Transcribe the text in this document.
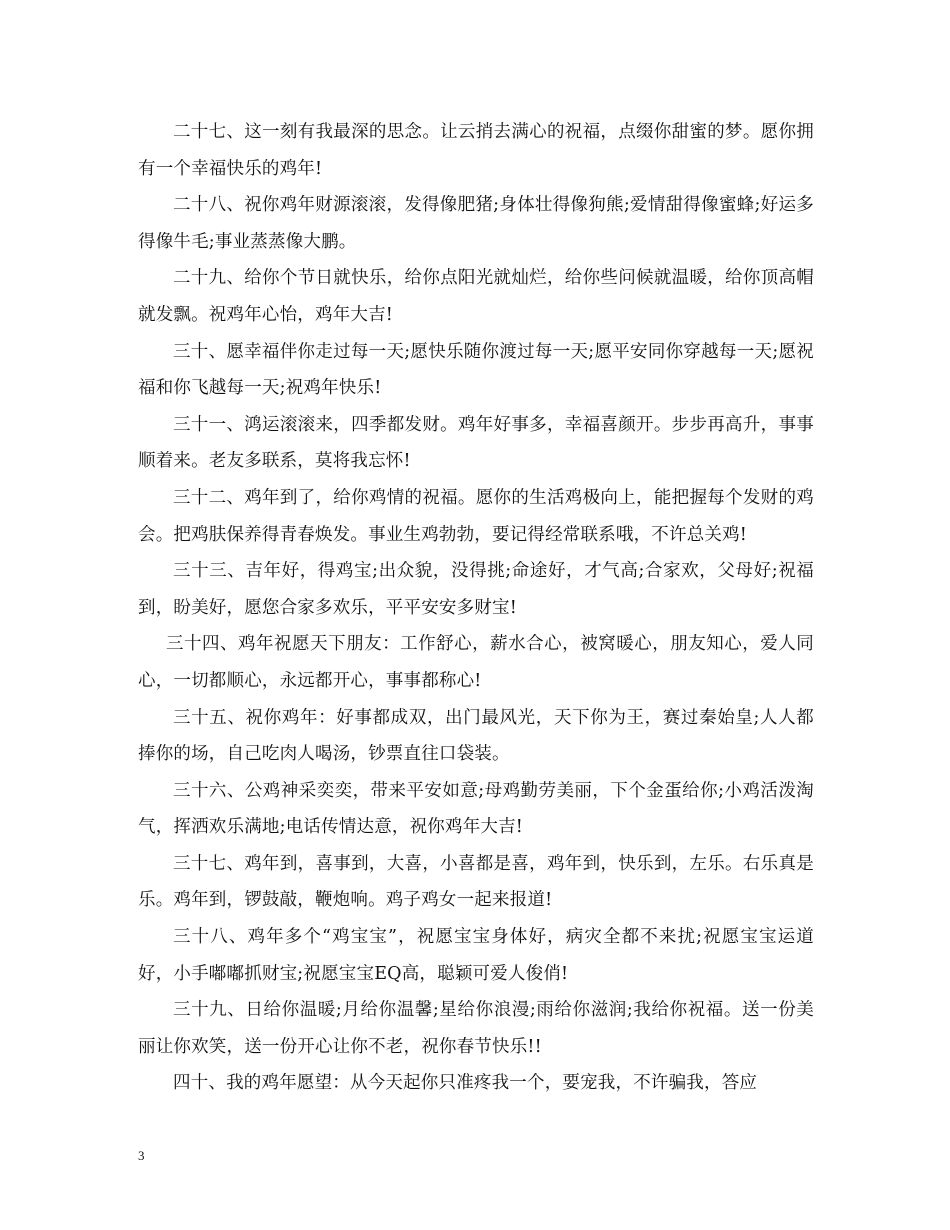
二十七、这一刻有我最深的思念。让云捎去满心的祝福，点缀你甜蜜的梦。愿你拥有一个幸福快乐的鸡年!

二十八、祝你鸡年财源滚滚，发得像肥猪;身体壮得像狗熊;爱情甜得像蜜蜂;好运多得像牛毛;事业蒸蒸像大鹏。

二十九、给你个节日就快乐，给你点阳光就灿烂，给你些问候就温暖，给你顶高帽就发飘。祝鸡年心怡，鸡年大吉!

三十、愿幸福伴你走过每一天;愿快乐随你渡过每一天;愿平安同你穿越每一天;愿祝福和你飞越每一天;祝鸡年快乐!

三十一、鸿运滚滚来，四季都发财。鸡年好事多，幸福喜颜开。步步再高升，事事顺着来。老友多联系，莫将我忘怀!

三十二、鸡年到了，给你鸡情的祝福。愿你的生活鸡极向上，能把握每个发财的鸡会。把鸡肤保养得青春焕发。事业生鸡勃勃，要记得经常联系哦，不许总关鸡!

三十三、吉年好，得鸡宝;出众貌，没得挑;命途好，才气高;合家欢，父母好;祝福到，盼美好，愿您合家多欢乐，平平安安多财宝!

三十四、鸡年祝愿天下朋友：工作舒心，薪水合心，被窝暖心，朋友知心，爱人同心，一切都顺心，永远都开心，事事都称心!

三十五、祝你鸡年：好事都成双，出门最风光，天下你为王，赛过秦始皇;人人都捧你的场，自己吃肉人喝汤，钞票直往口袋装。

三十六、公鸡神采奕奕，带来平安如意;母鸡勤劳美丽，下个金蛋给你;小鸡活泼淘气，挥洒欢乐满地;电话传情达意，祝你鸡年大吉!

三十七、鸡年到，喜事到，大喜，小喜都是喜，鸡年到，快乐到，左乐。右乐真是乐。鸡年到，锣鼓敲，鞭炮响。鸡子鸡女一起来报道!

三十八、鸡年多个“鸡宝宝”，祝愿宝宝身体好，病灾全都不来扰;祝愿宝宝运道好，小手嘟嘟抓财宝;祝愿宝宝EQ高，聪颖可爱人俊俏!

三十九、日给你温暖;月给你温馨;星给你浪漫;雨给你滋润;我给你祝福。送一份美丽让你欢笑，送一份开心让你不老，祝你春节快乐!!

四十、我的鸡年愿望：从今天起你只准疼我一个，要宠我，不许骗我，答应

3
